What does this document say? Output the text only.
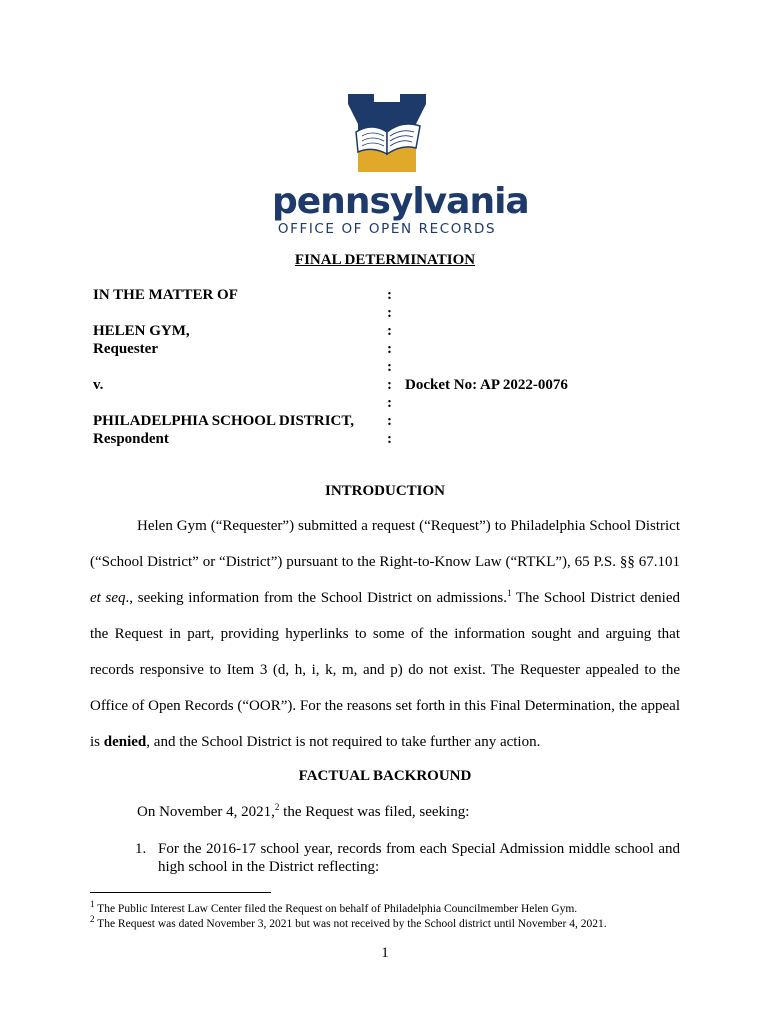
pennsylvania
OFFICE OF OPEN RECORDS
FINAL DETERMINATION
IN THE MATTER OF
HELEN GYM,
Requester
v.
PHILADELPHIA SCHOOL DISTRICT,
Respondent
:
:
:
:
:
:
:
:
:
Docket No: AP 2022-0076
INTRODUCTION

Helen Gym (“Requester”) submitted a request (“Request”) to Philadelphia School District (“School District” or “District”) pursuant to the Right-to-Know Law (“RTKL”), 65 P.S. §§ 67.101 et seq., seeking information from the School District on admissions.$^1$ The School District denied the Request in part, providing hyperlinks to some of the information sought and arguing that records responsive to Item 3 (d, h, i, k, m, and p) do not exist. The Requester appealed to the Office of Open Records (“OOR”). For the reasons set forth in this Final Determination, the appeal is denied, and the School District is not required to take further any action.

FACTUAL BACKROUND
On November 4, 2021,$^2$ the Request was filed, seeking:
1. For the 2016-17 school year, records from each Special Admission middle school and high school in the District reflecting:
$^1$ The Public Interest Law Center filed the Request on behalf of Philadelphia Councilmember Helen Gym.
$^2$ The Request was dated November 3, 2021 but was not received by the School district until November 4, 2021.
1
